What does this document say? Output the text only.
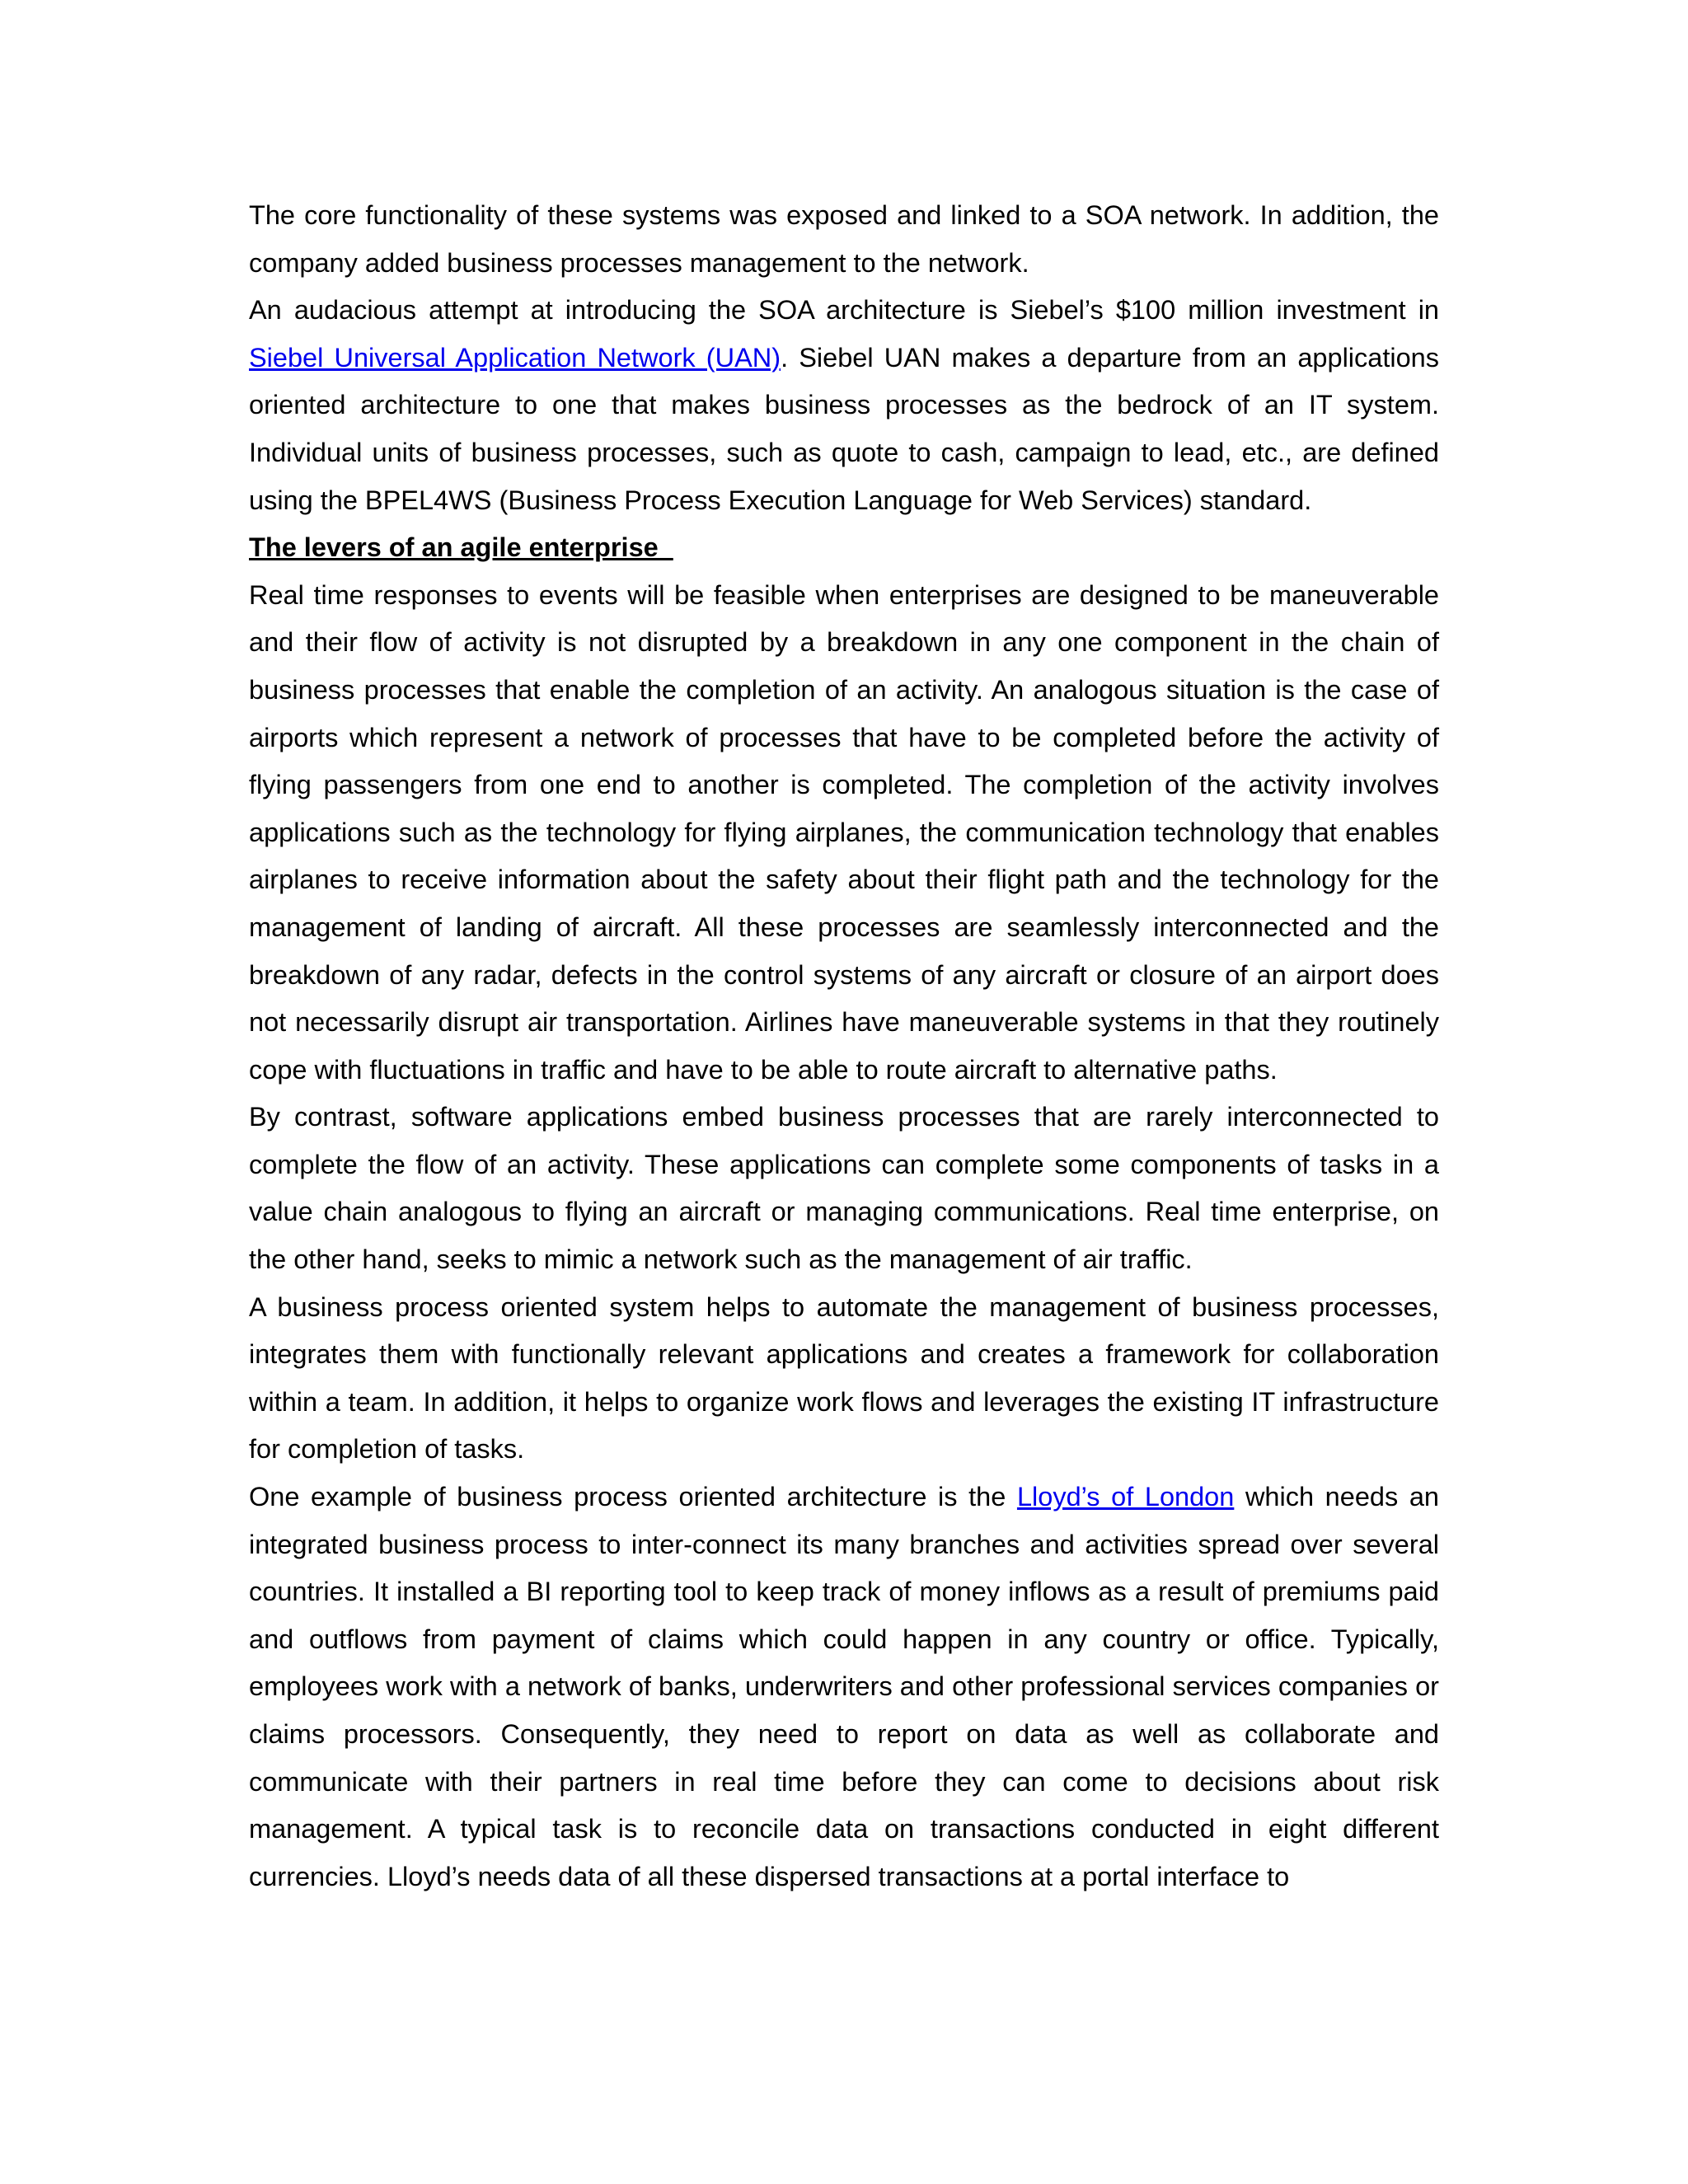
The core functionality of these systems was exposed and linked to a SOA network. In addition, the company added business processes management to the network.

An audacious attempt at introducing the SOA architecture is Siebel’s $100 million investment in Siebel Universal Application Network (UAN). Siebel UAN makes a departure from an applications oriented architecture to one that makes business processes as the bedrock of an IT system. Individual units of business processes, such as quote to cash, campaign to lead, etc., are defined using the BPEL4WS (Business Process Execution Language for Web Services) standard.

The levers of an agile enterprise

Real time responses to events will be feasible when enterprises are designed to be maneuverable and their flow of activity is not disrupted by a breakdown in any one component in the chain of business processes that enable the completion of an activity. An analogous situation is the case of airports which represent a network of processes that have to be completed before the activity of flying passengers from one end to another is completed. The completion of the activity involves applications such as the technology for flying airplanes, the communication technology that enables airplanes to receive information about the safety about their flight path and the technology for the management of landing of aircraft. All these processes are seamlessly interconnected and the breakdown of any radar, defects in the control systems of any aircraft or closure of an airport does not necessarily disrupt air transportation. Airlines have maneuverable systems in that they routinely cope with fluctuations in traffic and have to be able to route aircraft to alternative paths.

By contrast, software applications embed business processes that are rarely interconnected to complete the flow of an activity. These applications can complete some components of tasks in a value chain analogous to flying an aircraft or managing communications. Real time enterprise, on the other hand, seeks to mimic a network such as the management of air traffic.

A business process oriented system helps to automate the management of business processes, integrates them with functionally relevant applications and creates a framework for collaboration within a team. In addition, it helps to organize work flows and leverages the existing IT infrastructure for completion of tasks.

One example of business process oriented architecture is the Lloyd’s of London which needs an integrated business process to inter-connect its many branches and activities spread over several countries. It installed a BI reporting tool to keep track of money inflows as a result of premiums paid and outflows from payment of claims which could happen in any country or office. Typically, employees work with a network of banks, underwriters and other professional services companies or claims processors. Consequently, they need to report on data as well as collaborate and communicate with their partners in real time before they can come to decisions about risk management. A typical task is to reconcile data on transactions conducted in eight different currencies. Lloyd’s needs data of all these dispersed transactions at a portal interface to
